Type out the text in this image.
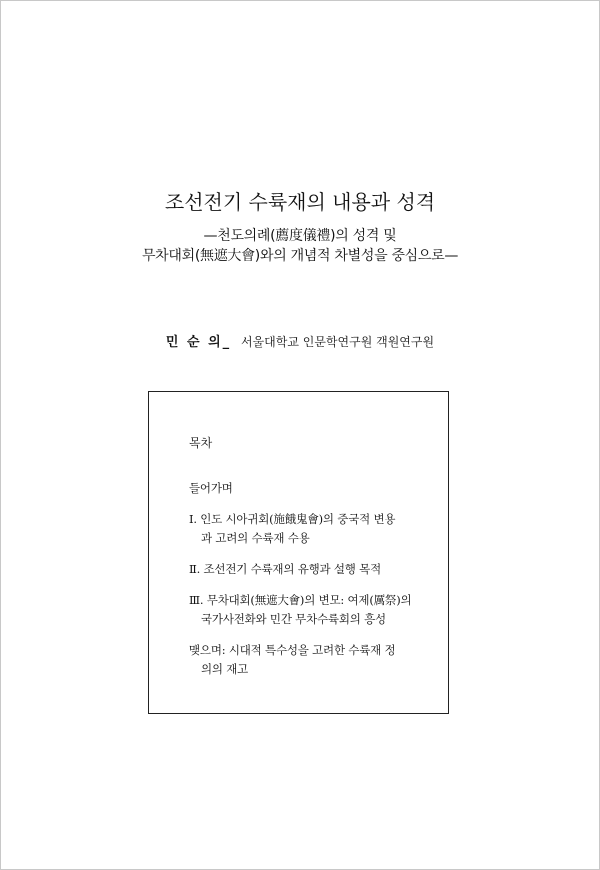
조선전기 수륙재의 내용과 성격
—천도의례(薦度儀禮)의 성격 및
무차대회(無遮大會)와의 개념적 차별성을 중심으로—
민 순 의_ 서울대학교 인문학연구원 객원연구원
목차
들어가며
Ⅰ. 인도 시아귀회(施餓鬼會)의 중국적 변용
과 고려의 수륙재 수용
Ⅱ. 조선전기 수륙재의 유행과 설행 목적
Ⅲ. 무차대회(無遮大會)의 변모: 여제(厲祭)의
국가사전화와 민간 무차수륙회의 흥성
맺으며: 시대적 특수성을 고려한 수륙재 정
의의 재고
